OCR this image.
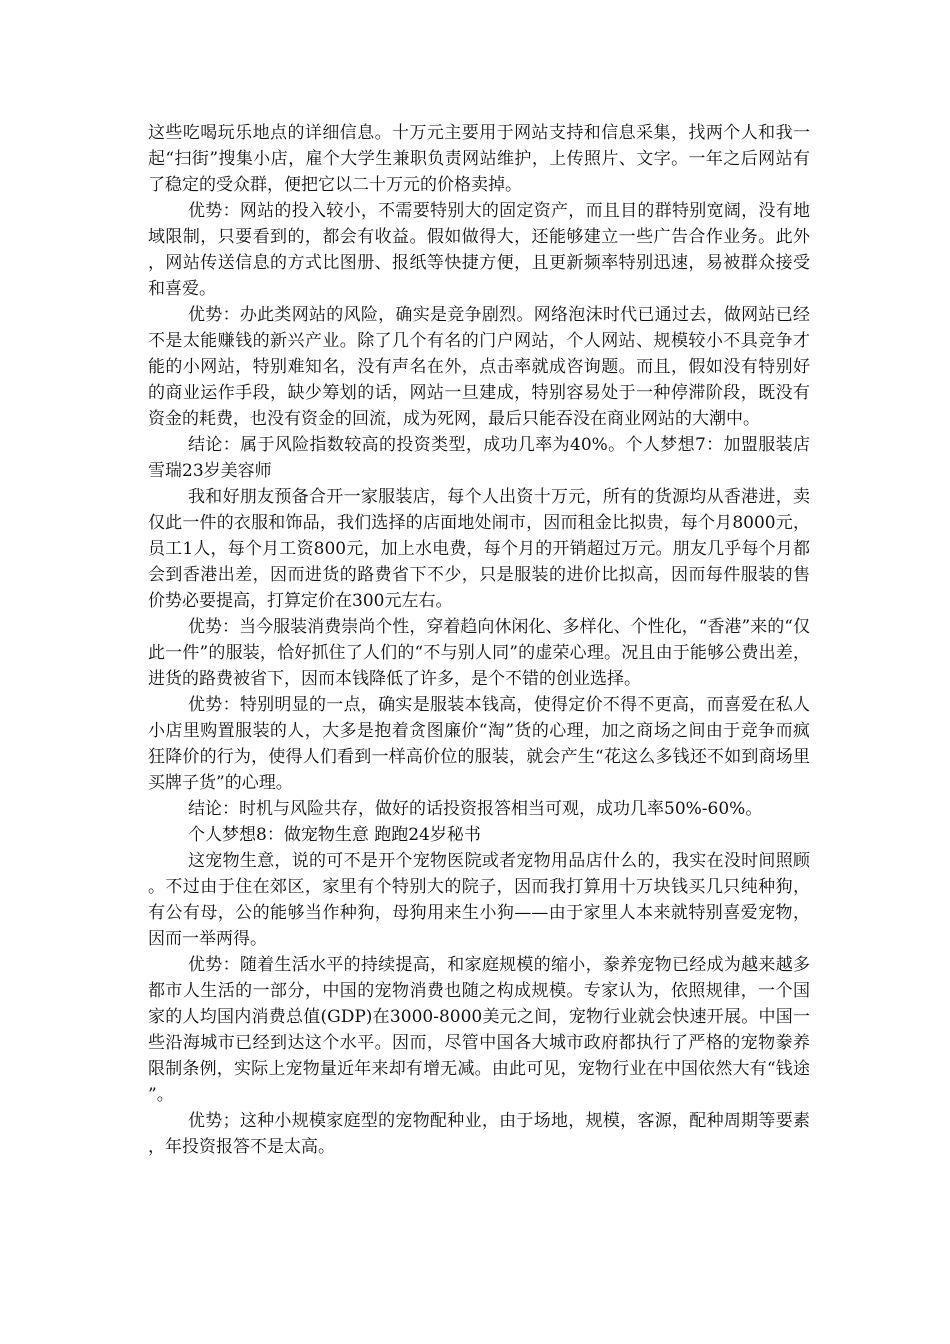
这些吃喝玩乐地点的详细信息。十万元主要用于网站支持和信息采集，找两个人和我一起“扫街”搜集小店，雇个大学生兼职负责网站维护，上传照片、文字。一年之后网站有了稳定的受众群，便把它以二十万元的价格卖掉。

优势：网站的投入较小，不需要特别大的固定资产，而且目的群特别宽阔，没有地域限制，只要看到的，都会有收益。假如做得大，还能够建立一些广告合作业务。此外，网站传送信息的方式比图册、报纸等快捷方便，且更新频率特别迅速，易被群众接受和喜爱。

优势：办此类网站的风险，确实是竞争剧烈。网络泡沫时代已通过去，做网站已经不是太能赚钱的新兴产业。除了几个有名的门户网站，个人网站、规模较小不具竞争才能的小网站，特别难知名，没有声名在外，点击率就成咨询题。而且，假如没有特别好的商业运作手段，缺少筹划的话，网站一旦建成，特别容易处于一种停滞阶段，既没有资金的耗费，也没有资金的回流，成为死网，最后只能吞没在商业网站的大潮中。

结论：属于风险指数较高的投资类型，成功几率为40%。个人梦想7：加盟服装店 雪瑞23岁美容师

我和好朋友预备合开一家服装店，每个人出资十万元，所有的货源均从香港进，卖仅此一件的衣服和饰品，我们选择的店面地处闹市，因而租金比拟贵，每个月8000元，员工1人，每个月工资800元，加上水电费，每个月的开销超过万元。朋友几乎每个月都会到香港出差，因而进货的路费省下不少，只是服装的进价比拟高，因而每件服装的售价势必要提高，打算定价在300元左右。

优势：当今服装消费崇尚个性，穿着趋向休闲化、多样化、个性化，“香港”来的“仅此一件”的服装，恰好抓住了人们的“不与别人同”的虚荣心理。况且由于能够公费出差，进货的路费被省下，因而本钱降低了许多，是个不错的创业选择。

优势：特别明显的一点，确实是服装本钱高，使得定价不得不更高，而喜爱在私人小店里购置服装的人，大多是抱着贪图廉价“淘”货的心理，加之商场之间由于竞争而疯狂降价的行为，使得人们看到一样高价位的服装，就会产生“花这么多钱还不如到商场里买牌子货”的心理。

结论：时机与风险共存，做好的话投资报答相当可观，成功几率50%-60%。

个人梦想8：做宠物生意 跑跑24岁秘书

这宠物生意，说的可不是开个宠物医院或者宠物用品店什么的，我实在没时间照顾。不过由于住在郊区，家里有个特别大的院子，因而我打算用十万块钱买几只纯种狗，有公有母，公的能够当作种狗，母狗用来生小狗——由于家里人本来就特别喜爱宠物，因而一举两得。

优势：随着生活水平的持续提高，和家庭规模的缩小，豢养宠物已经成为越来越多都市人生活的一部分，中国的宠物消费也随之构成规模。专家认为，依照规律，一个国家的人均国内消费总值(GDP)在3000-8000美元之间，宠物行业就会快速开展。中国一些沿海城市已经到达这个水平。因而，尽管中国各大城市政府都执行了严格的宠物豢养限制条例，实际上宠物量近年来却有增无减。由此可见，宠物行业在中国依然大有“钱途”。

优势；这种小规模家庭型的宠物配种业，由于场地，规模，客源，配种周期等要素，年投资报答不是太高。
